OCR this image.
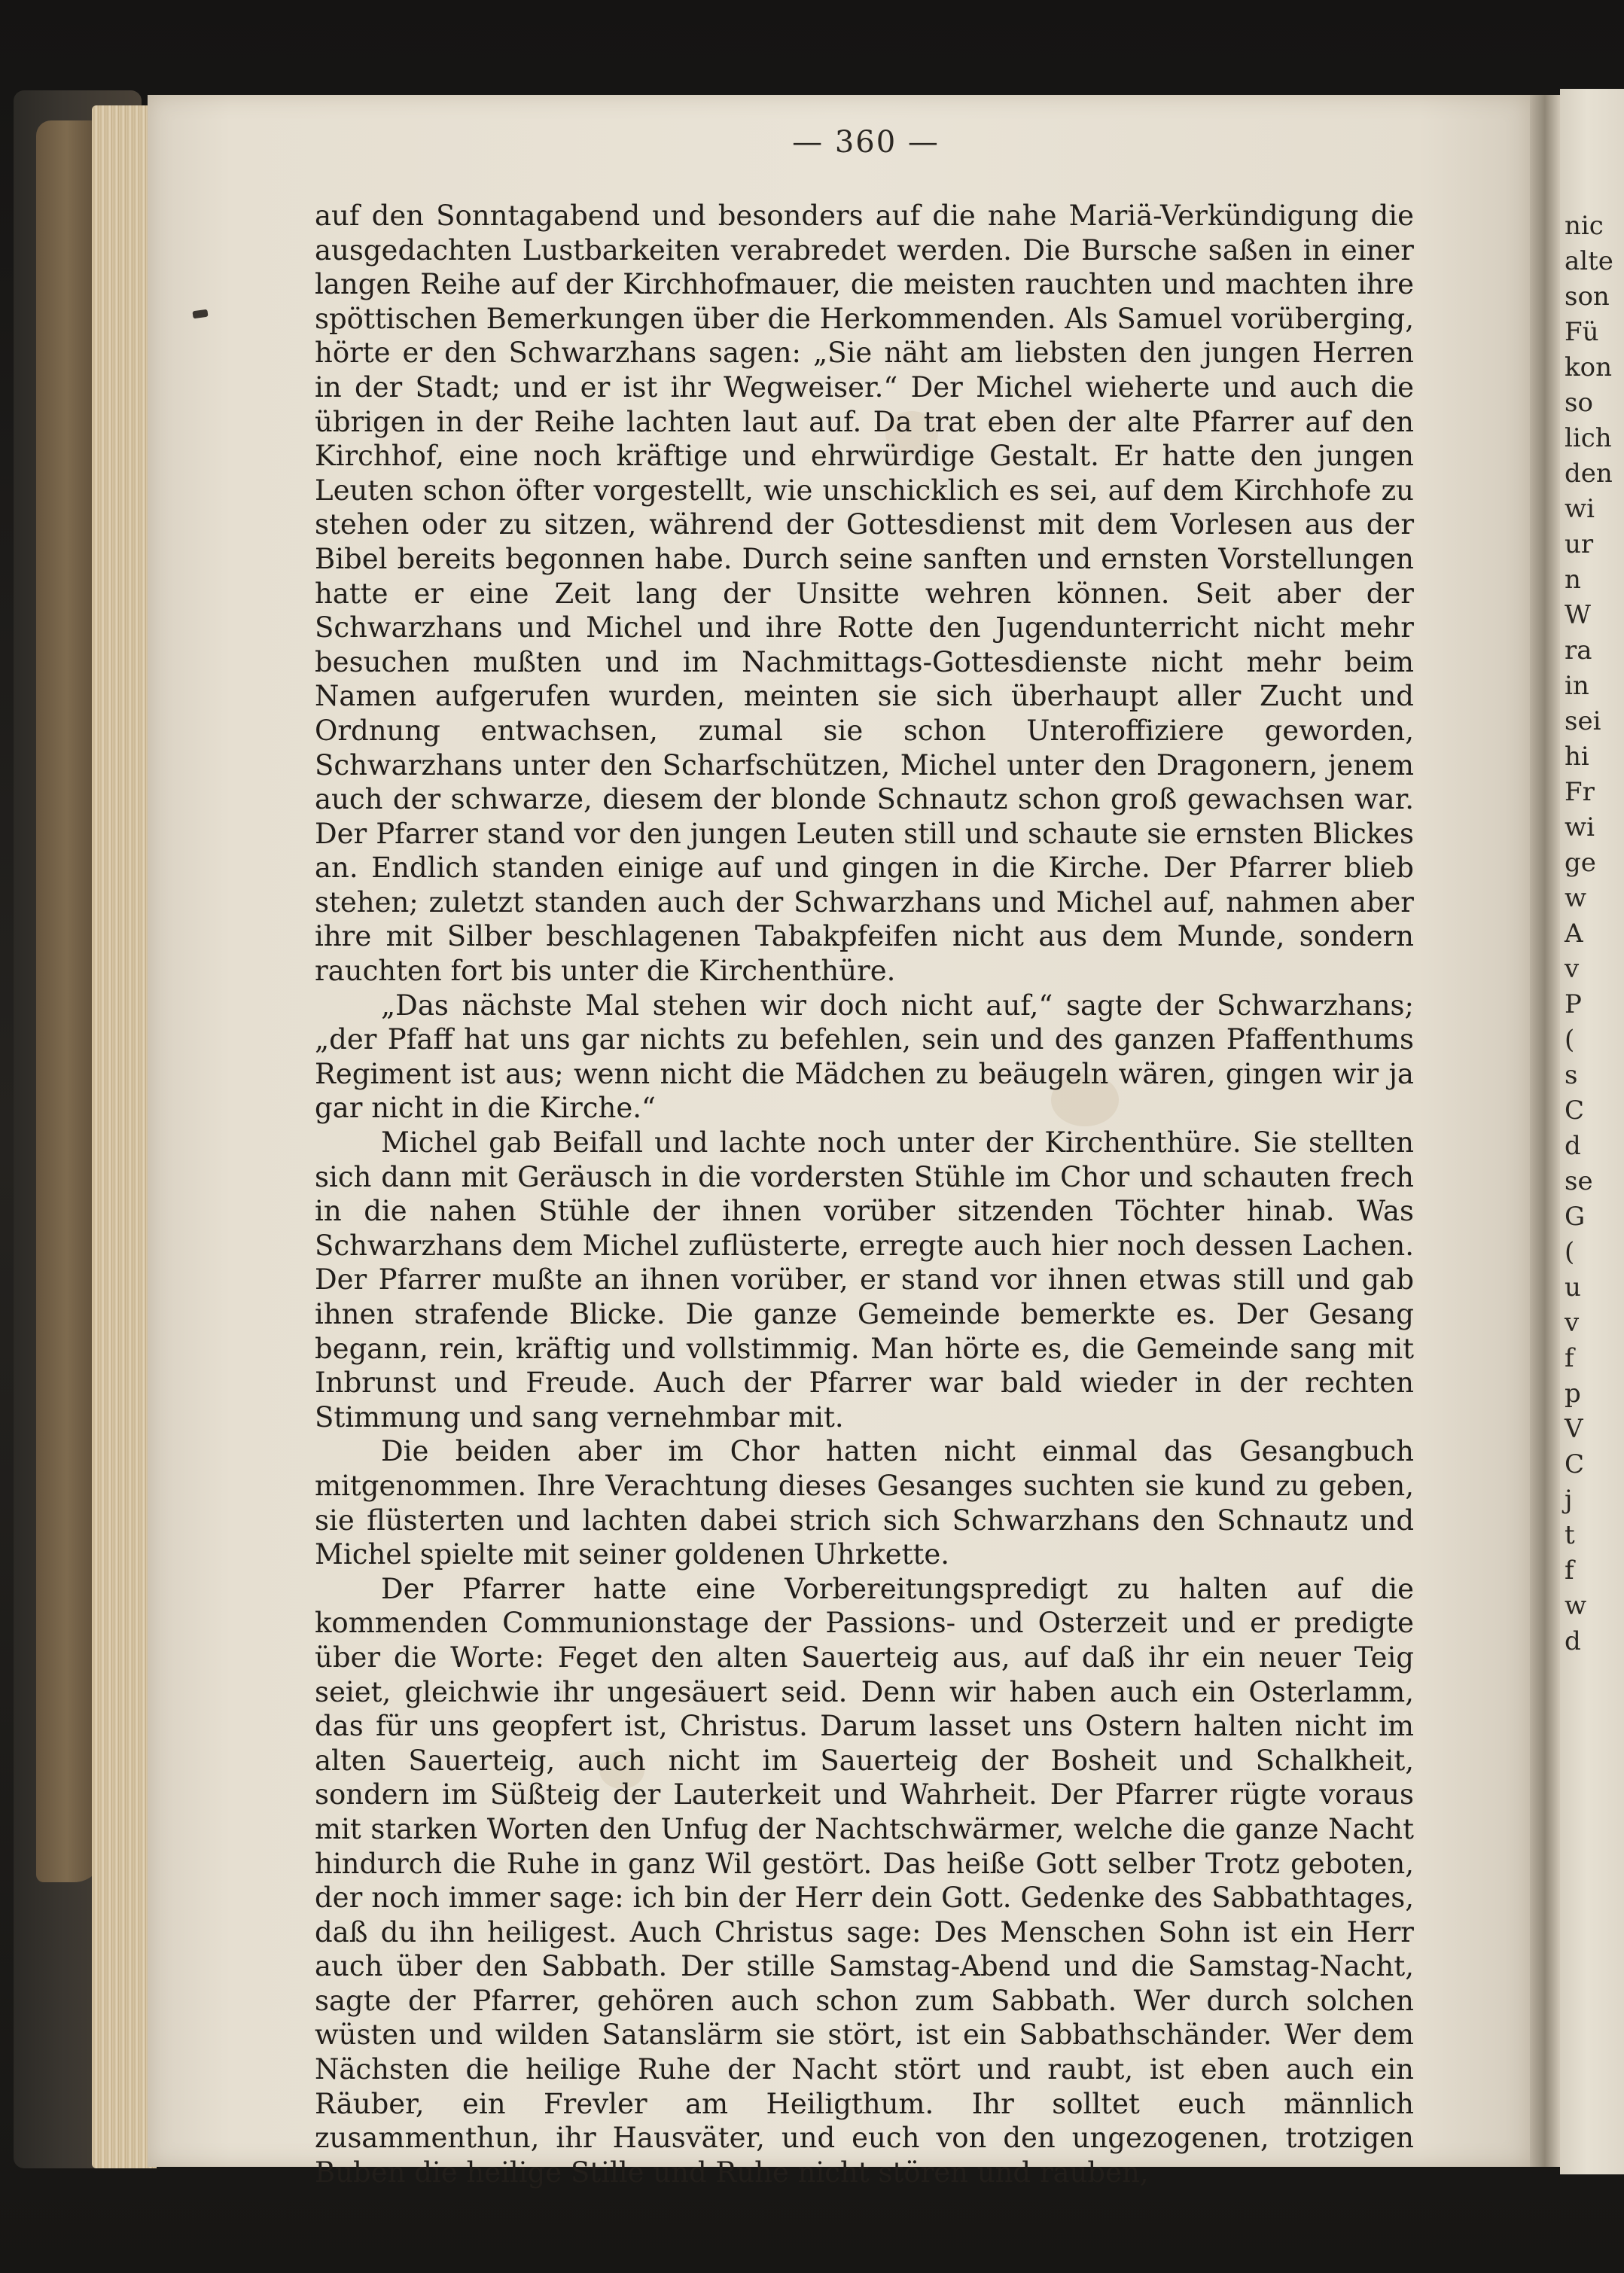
nic
alte
son
Fü
kon
so
lich
den
wi
ur
n
W
ra
in
sei
hi
Fr
wi
ge
w
A
v
P
(
s
C
d
se
G
(
u
v
f
p
V
C
j
t
f
w
d
— 360 —

auf den Sonntagabend und besonders auf die nahe Mariä-Verkündigung die ausgedachten Lustbarkeiten verabredet werden. Die Bursche saßen in einer langen Reihe auf der Kirchhofmauer, die meisten rauchten und machten ihre spöttischen Bemerkungen über die Herkommenden. Als Samuel vorüberging, hörte er den Schwarzhans sagen: „Sie näht am liebsten den jungen Herren in der Stadt; und er ist ihr Wegweiser.“ Der Michel wieherte und auch die übrigen in der Reihe lachten laut auf. Da trat eben der alte Pfarrer auf den Kirchhof, eine noch kräftige und ehrwürdige Gestalt. Er hatte den jungen Leuten schon öfter vorgestellt, wie unschicklich es sei, auf dem Kirchhofe zu stehen oder zu sitzen, während der Gottesdienst mit dem Vorlesen aus der Bibel bereits begonnen habe. Durch seine sanften und ernsten Vorstellungen hatte er eine Zeit lang der Unsitte wehren können. Seit aber der Schwarzhans und Michel und ihre Rotte den Jugendunterricht nicht mehr besuchen mußten und im Nachmittags-Gottesdienste nicht mehr beim Namen aufgerufen wurden, meinten sie sich überhaupt aller Zucht und Ordnung entwachsen, zumal sie schon Unteroffiziere geworden, Schwarzhans unter den Scharfschützen, Michel unter den Dragonern, jenem auch der schwarze, diesem der blonde Schnautz schon groß gewachsen war. Der Pfarrer stand vor den jungen Leuten still und schaute sie ernsten Blickes an. Endlich standen einige auf und gingen in die Kirche. Der Pfarrer blieb stehen; zuletzt standen auch der Schwarzhans und Michel auf, nahmen aber ihre mit Silber beschlagenen Tabakpfeifen nicht aus dem Munde, sondern rauchten fort bis unter die Kirchenthüre.

„Das nächste Mal stehen wir doch nicht auf,“ sagte der Schwarzhans; „der Pfaff hat uns gar nichts zu befehlen, sein und des ganzen Pfaffenthums Regiment ist aus; wenn nicht die Mädchen zu beäugeln wären, gingen wir ja gar nicht in die Kirche.“

Michel gab Beifall und lachte noch unter der Kirchenthüre. Sie stellten sich dann mit Geräusch in die vordersten Stühle im Chor und schauten frech in die nahen Stühle der ihnen vorüber sitzenden Töchter hinab. Was Schwarzhans dem Michel zuflüsterte, erregte auch hier noch dessen Lachen. Der Pfarrer mußte an ihnen vorüber, er stand vor ihnen etwas still und gab ihnen strafende Blicke. Die ganze Gemeinde bemerkte es. Der Gesang begann, rein, kräftig und vollstimmig. Man hörte es, die Gemeinde sang mit Inbrunst und Freude. Auch der Pfarrer war bald wieder in der rechten Stimmung und sang vernehmbar mit.

Die beiden aber im Chor hatten nicht einmal das Gesangbuch mitgenommen. Ihre Verachtung dieses Gesanges suchten sie kund zu geben, sie flüsterten und lachten dabei strich sich Schwarzhans den Schnautz und Michel spielte mit seiner goldenen Uhrkette.

Der Pfarrer hatte eine Vorbereitungspredigt zu halten auf die kommenden Communionstage der Passions- und Osterzeit und er predigte über die Worte: Feget den alten Sauerteig aus, auf daß ihr ein neuer Teig seiet, gleichwie ihr ungesäuert seid. Denn wir haben auch ein Osterlamm, das für uns geopfert ist, Christus. Darum lasset uns Ostern halten nicht im alten Sauerteig, auch nicht im Sauerteig der Bosheit und Schalkheit, sondern im Süßteig der Lauterkeit und Wahrheit. Der Pfarrer rügte voraus mit starken Worten den Unfug der Nachtschwärmer, welche die ganze Nacht hindurch die Ruhe in ganz Wil gestört. Das heiße Gott selber Trotz geboten, der noch immer sage: ich bin der Herr dein Gott. Gedenke des Sabbathtages, daß du ihn heiligest. Auch Christus sage: Des Menschen Sohn ist ein Herr auch über den Sabbath. Der stille Samstag-Abend und die Samstag-Nacht, sagte der Pfarrer, gehören auch schon zum Sabbath. Wer durch solchen wüsten und wilden Satanslärm sie stört, ist ein Sabbathschänder. Wer dem Nächsten die heilige Ruhe der Nacht stört und raubt, ist eben auch ein Räuber, ein Frevler am Heiligthum. Ihr solltet euch männlich zusammenthun, ihr Hausväter, und euch von den ungezogenen, trotzigen Buben die heilige Stille und Ruhe nicht stören und rauben,
